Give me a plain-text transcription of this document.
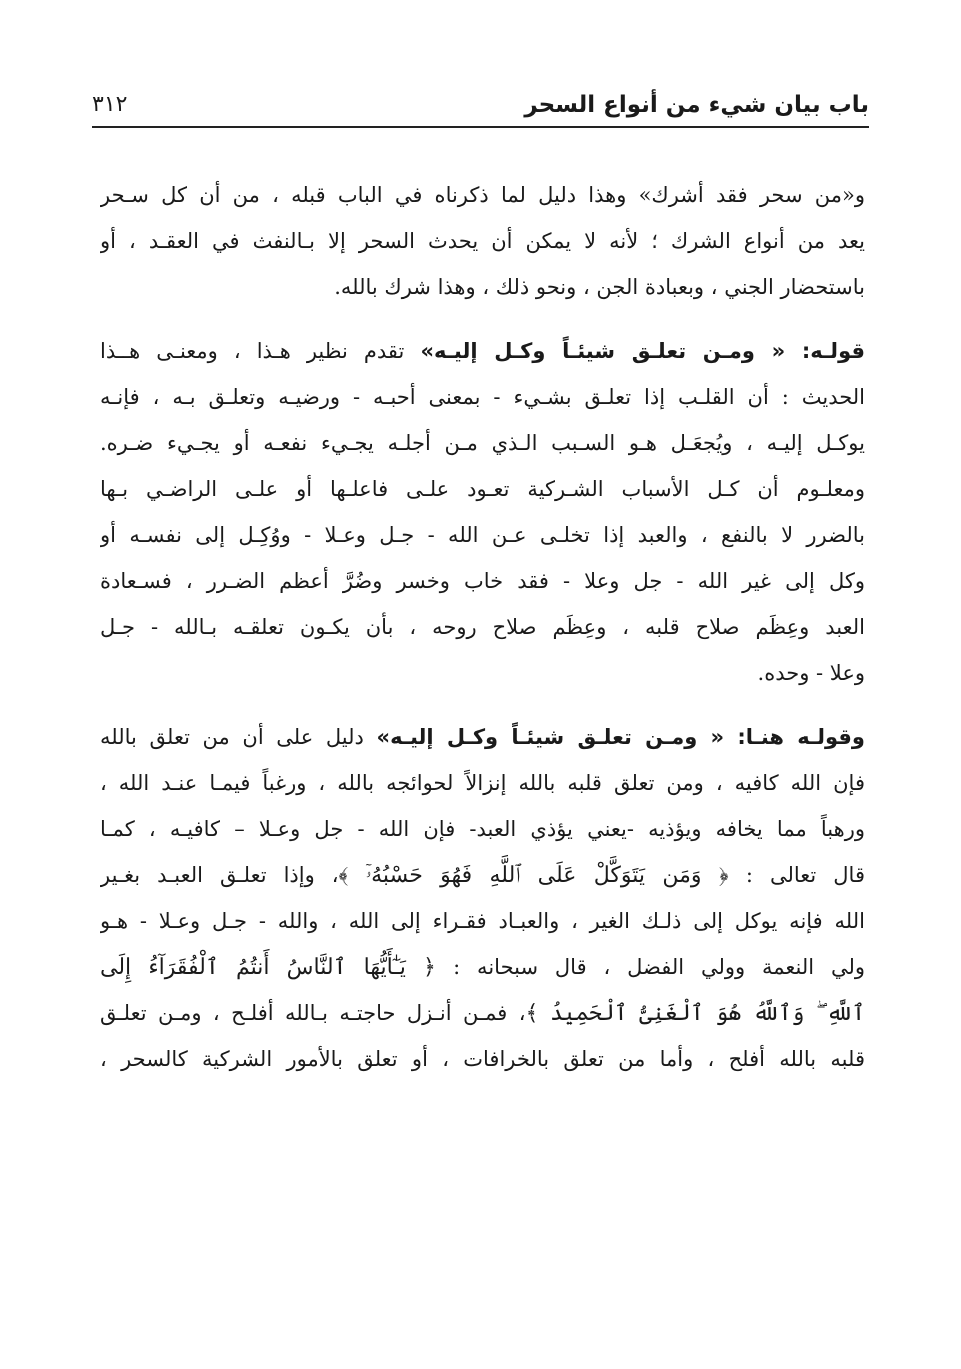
باب بيان شيء من أنواع السحر
٣١٢
و«من سحر فقد أشرك» وهذا دليل لما ذكرناه في الباب قبله ، من أن كل سـحر
يعد من أنواع الشرك ؛ لأنه لا يمكن أن يحدث السحر إلا بـالنفث في العقـد ، أو
باستحضار الجني ، وبعبادة الجن ، ونحو ذلك ، وهذا شرك بالله.
قولـه: « ومـن تعلـق شيئـاً وكـل إليـه» تقدم نظير هـذا ، ومعنـى هــذا
الحديث : أن القلـب إذا تعلـق بشـيء - بمعنى أحبـه - ورضيـه وتعلـق بـه ، فإنـه
يوكـل إليـه ، ويُجعَـل هـو السـبب الـذي مـن أجلـه يجـيء نفعـه أو يجـيء ضـره.
ومعلـوم أن كـل الأسباب الشـركية تعـود علـى فاعلـها أو علـى الراضـي بـها
بالضرر لا بالنفع ، والعبد إذا تخلـى عـن الله - جـل وعـلا - ووُكِـل إلى نفسـه أو
وكل إلى غير الله - جل وعلا - فقد خاب وخسر وضُرَّ أعظم الضـرر ، فسـعادة
العبد وعِظَم صلاح قلبه ، وعِظَم صلاح روحه ، بأن يكـون تعلقـه بـالله - جـل
وعلا - وحده.
وقولـه هنـا: « ومـن تعلـق شيئـاً وكـل إليـه» دليل على أن من تعلق بالله
فإن الله كافيه ، ومن تعلق قلبه بالله إنزالاً لحوائجه بالله ، ورغباً فيمـا عنـد الله ،
ورهباً مما يخافه ويؤذيه -يعني يؤذي العبد- فإن الله - جل وعـلا – كافيـه ، كمـا
قال تعالى : ﴿ وَمَن يَتَوَكَّلْ عَلَى ٱللَّهِ فَهُوَ حَسْبُهُۥٓ ﴾، وإذا تعلـق العبـد بغـير
الله فإنه يوكل إلى ذلـك الغير ، والعبـاد فقـراء إلى الله ، والله - جـل وعـلا - هـو
ولي النعمة وولي الفضل ، قال سبحانه : ﴿ يَـٰٓأَيُّهَا ٱلنَّاسُ أَنتُمُ ٱلْفُقَرَآءُ إِلَى
ٱللَّهِ ۖ وَٱللَّهُ هُوَ ٱلْغَنِىُّ ٱلْحَمِيدُ ﴾، فمـن أنـزل حاجتـه بـالله أفلـح ، ومـن تعلـق
قلبه بالله أفلح ، وأما من تعلق بالخرافات ، أو تعلق بالأمور الشركية كالسحر ،
